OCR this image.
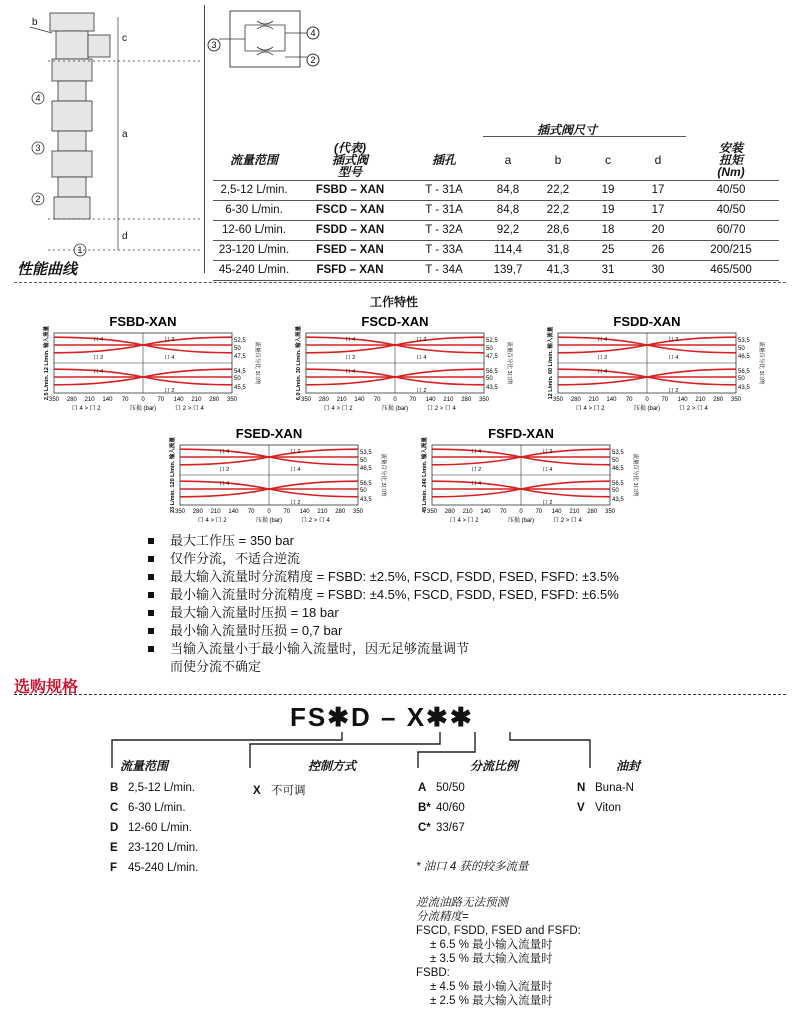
b
c
a
d
4
3
2
1
3
4
2
性能曲线
插式阀尺寸
流量范围	(代表)
插式阀
型号	插孔	a	b	c	d	安装
扭矩
(Nm)
2,5-12 L/min.	FSBD – XAN	T - 31A	84,8	22,2	19	17	40/50
6-30 L/min.	FSCD – XAN	T - 31A	84,8	22,2	19	17	40/50
12-60 L/min.	FSDD – XAN	T - 32A	92,2	28,6	18	20	60/70
23-120 L/min.	FSED – XAN	T - 33A	114,4	31,8	25	26	200/215
45-240 L/min.	FSFD – XAN	T - 34A	139,7	41,3	31	30	465/500
工作特性
FSBD-XAN
口 4	口 2
口 2	口 4
口 4
口 2
52,5
50
47,5
54,5
50
45,5
流量百分比 3口的
2,5 L/min. 12 L/min. 输入流量
350 280 210 140 70 0 70 140 210 280 350
压损 (bar)
口 4 > 口 2	口 2 > 口 4
FSCD-XAN
口 4	口 2
口 2	口 4
口 4
口 2
52,5
50
47,5
56,5
50
43,5
流量百分比 3口的
6,0 L/min. 30 L/min. 输入流量
350 280 210 140 70 0 70 140 210 280 350
压损 (bar)
口 4 > 口 2	口 2 > 口 4
FSDD-XAN
口 4	口 2
口 2	口 4
口 4
口 2
53,5
50
46,5
56,5
50
43,5
流量百分比 3口的
12 L/min. 60 L/min. 输入流量
350 280 210 140 70 0 70 140 210 280 350
压损 (bar)
口 4 > 口 2	口 2 > 口 4
FSED-XAN
口 4	口 2
口 2	口 4
口 4
口 2
53,5
50
46,5
56,5
50
43,5
流量百分比 3口的
23 L/min. 120 L/min. 输入流量
350 280 210 140 70 0 70 140 210 280 350
压损 (bar)
口 4 > 口 2	口 2 > 口 4
FSFD-XAN
口 4	口 2
口 2	口 4
口 4
口 2
53,5
50
46,5
56,5
50
43,5
流量百分比 3口的
45 L/min. 240 L/min. 输入流量
350 280 210 140 70 0 70 140 210 280 350
压损 (bar)
口 4 > 口 2	口 2 > 口 4
最大工作压 = 350 bar
仅作分流，不适合逆流
最大输入流量时分流精度 = FSBD: ±2.5%, FSCD, FSDD, FSED, FSFD: ±3.5%
最小输入流量时分流精度 = FSBD: ±4.5%, FSCD, FSDD, FSED, FSFD: ±6.5%
最大输入流量时压损 = 18 bar
最小输入流量时压损 = 0,7 bar
当输入流量小于最小输入流量时，因无足够流量调节
而使分流不确定
选购规格
FS✱D – X✱✱
流量范围
B 2,5-12 L/min.
C 6-30 L/min.
D 12-60 L/min.
E 23-120 L/min.
F 45-240 L/min.
控制方式
X 不可调
分流比例
A 50/50
B* 40/60
C* 33/67
油封
N Buna-N
V Viton
* 油口 4 获的较多流量
逆流油路无法预测
分流精度=
FSCD, FSDD, FSED and FSFD:
± 6.5 % 最小输入流量时
± 3.5 % 最大输入流量时
FSBD:
± 4.5 % 最小输入流量时
± 2.5 % 最大输入流量时
